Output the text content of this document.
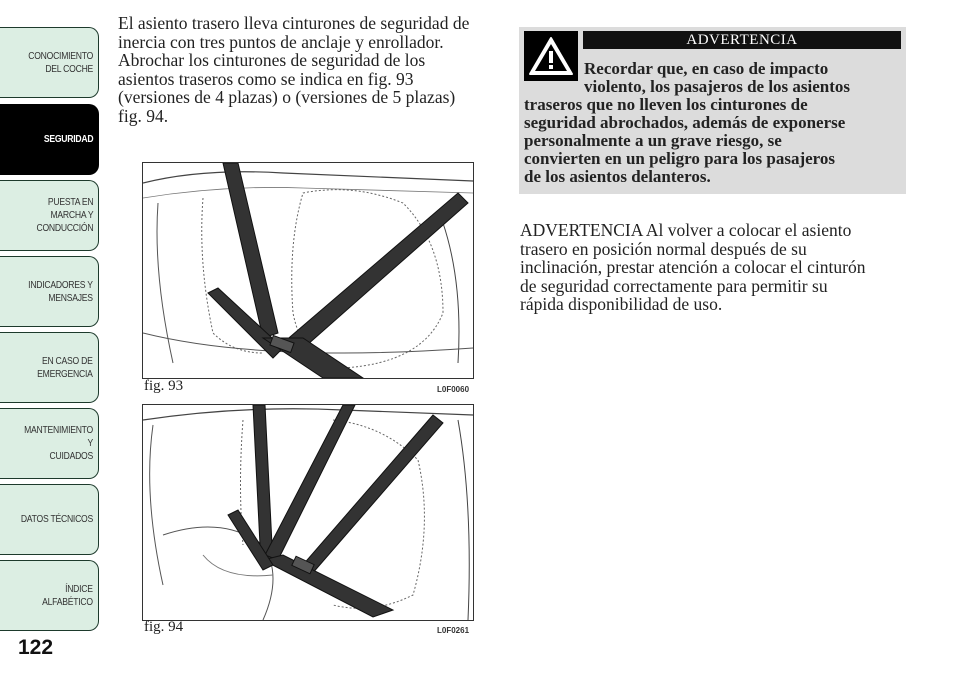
CONOCIMIENTO
DEL COCHE
SEGURIDAD
PUESTA EN
MARCHA Y
CONDUCCIÓN
INDICADORES Y
MENSAJES
EN CASO DE
EMERGENCIA
MANTENIMIENTO Y
CUIDADOS
DATOS TÉCNICOS
ÍNDICE
ALFABÉTICO
122
El asiento trasero lleva cinturones de seguridad de
inercia con tres puntos de anclaje y enrollador.
Abrochar los cinturones de seguridad de los
asientos traseros como se indica en fig. 93
(versiones de 4 plazas) o (versiones de 5 plazas)
fig. 94.
fig. 93	L0F0060
fig. 94	L0F0261
ADVERTENCIA
Recordar que, en caso de impacto
violento, los pasajeros de los asientos
traseros que no lleven los cinturones de
seguridad abrochados, además de exponerse
personalmente a un grave riesgo, se
convierten en un peligro para los pasajeros
de los asientos delanteros.
ADVERTENCIA Al volver a colocar el asiento
trasero en posición normal después de su
inclinación, prestar atención a colocar el cinturón
de seguridad correctamente para permitir su
rápida disponibilidad de uso.
